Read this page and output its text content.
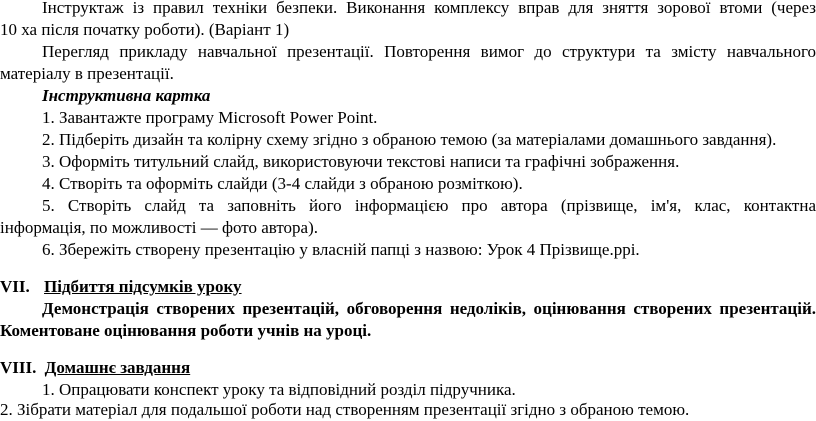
Інструктаж із правил техніки безпеки. Виконання комплексу вправ для зняття зорової втоми (через
10 ха після початку роботи). (Варіант 1)
Перегляд прикладу навчальної презентації. Повторення вимог до структури та змісту навчального
матеріалу в презентації.
Інструктивна картка
1. Завантажте програму Microsoft Power Point.
2. Підберіть дизайн та колірну схему згідно з обраною темою (за матеріалами домашнього завдання).
3. Оформіть титульний слайд, використовуючи текстові написи та графічні зображення.
4. Створіть та оформіть слайди (3-4 слайди з обраною розміткою).
5. Створіть слайд та заповніть його інформацією про автора (прізвище, ім'я, клас, контактна
інформація, по можливості — фото автора).
6. Збережіть створену презентацію у власній папці з назвою: Урок 4 Прізвище.ppi.
VII. Підбиття підсумків уроку
Демонстрація створених презентацій, обговорення недоліків, оцінювання створених презентацій.
Коментоване оцінювання роботи учнів на уроці.
VIII. Домашнє завдання
1. Опрацювати конспект уроку та відповідний розділ підручника.
2. Зібрати матеріал для подальшої роботи над створенням презентації згідно з обраною темою.
